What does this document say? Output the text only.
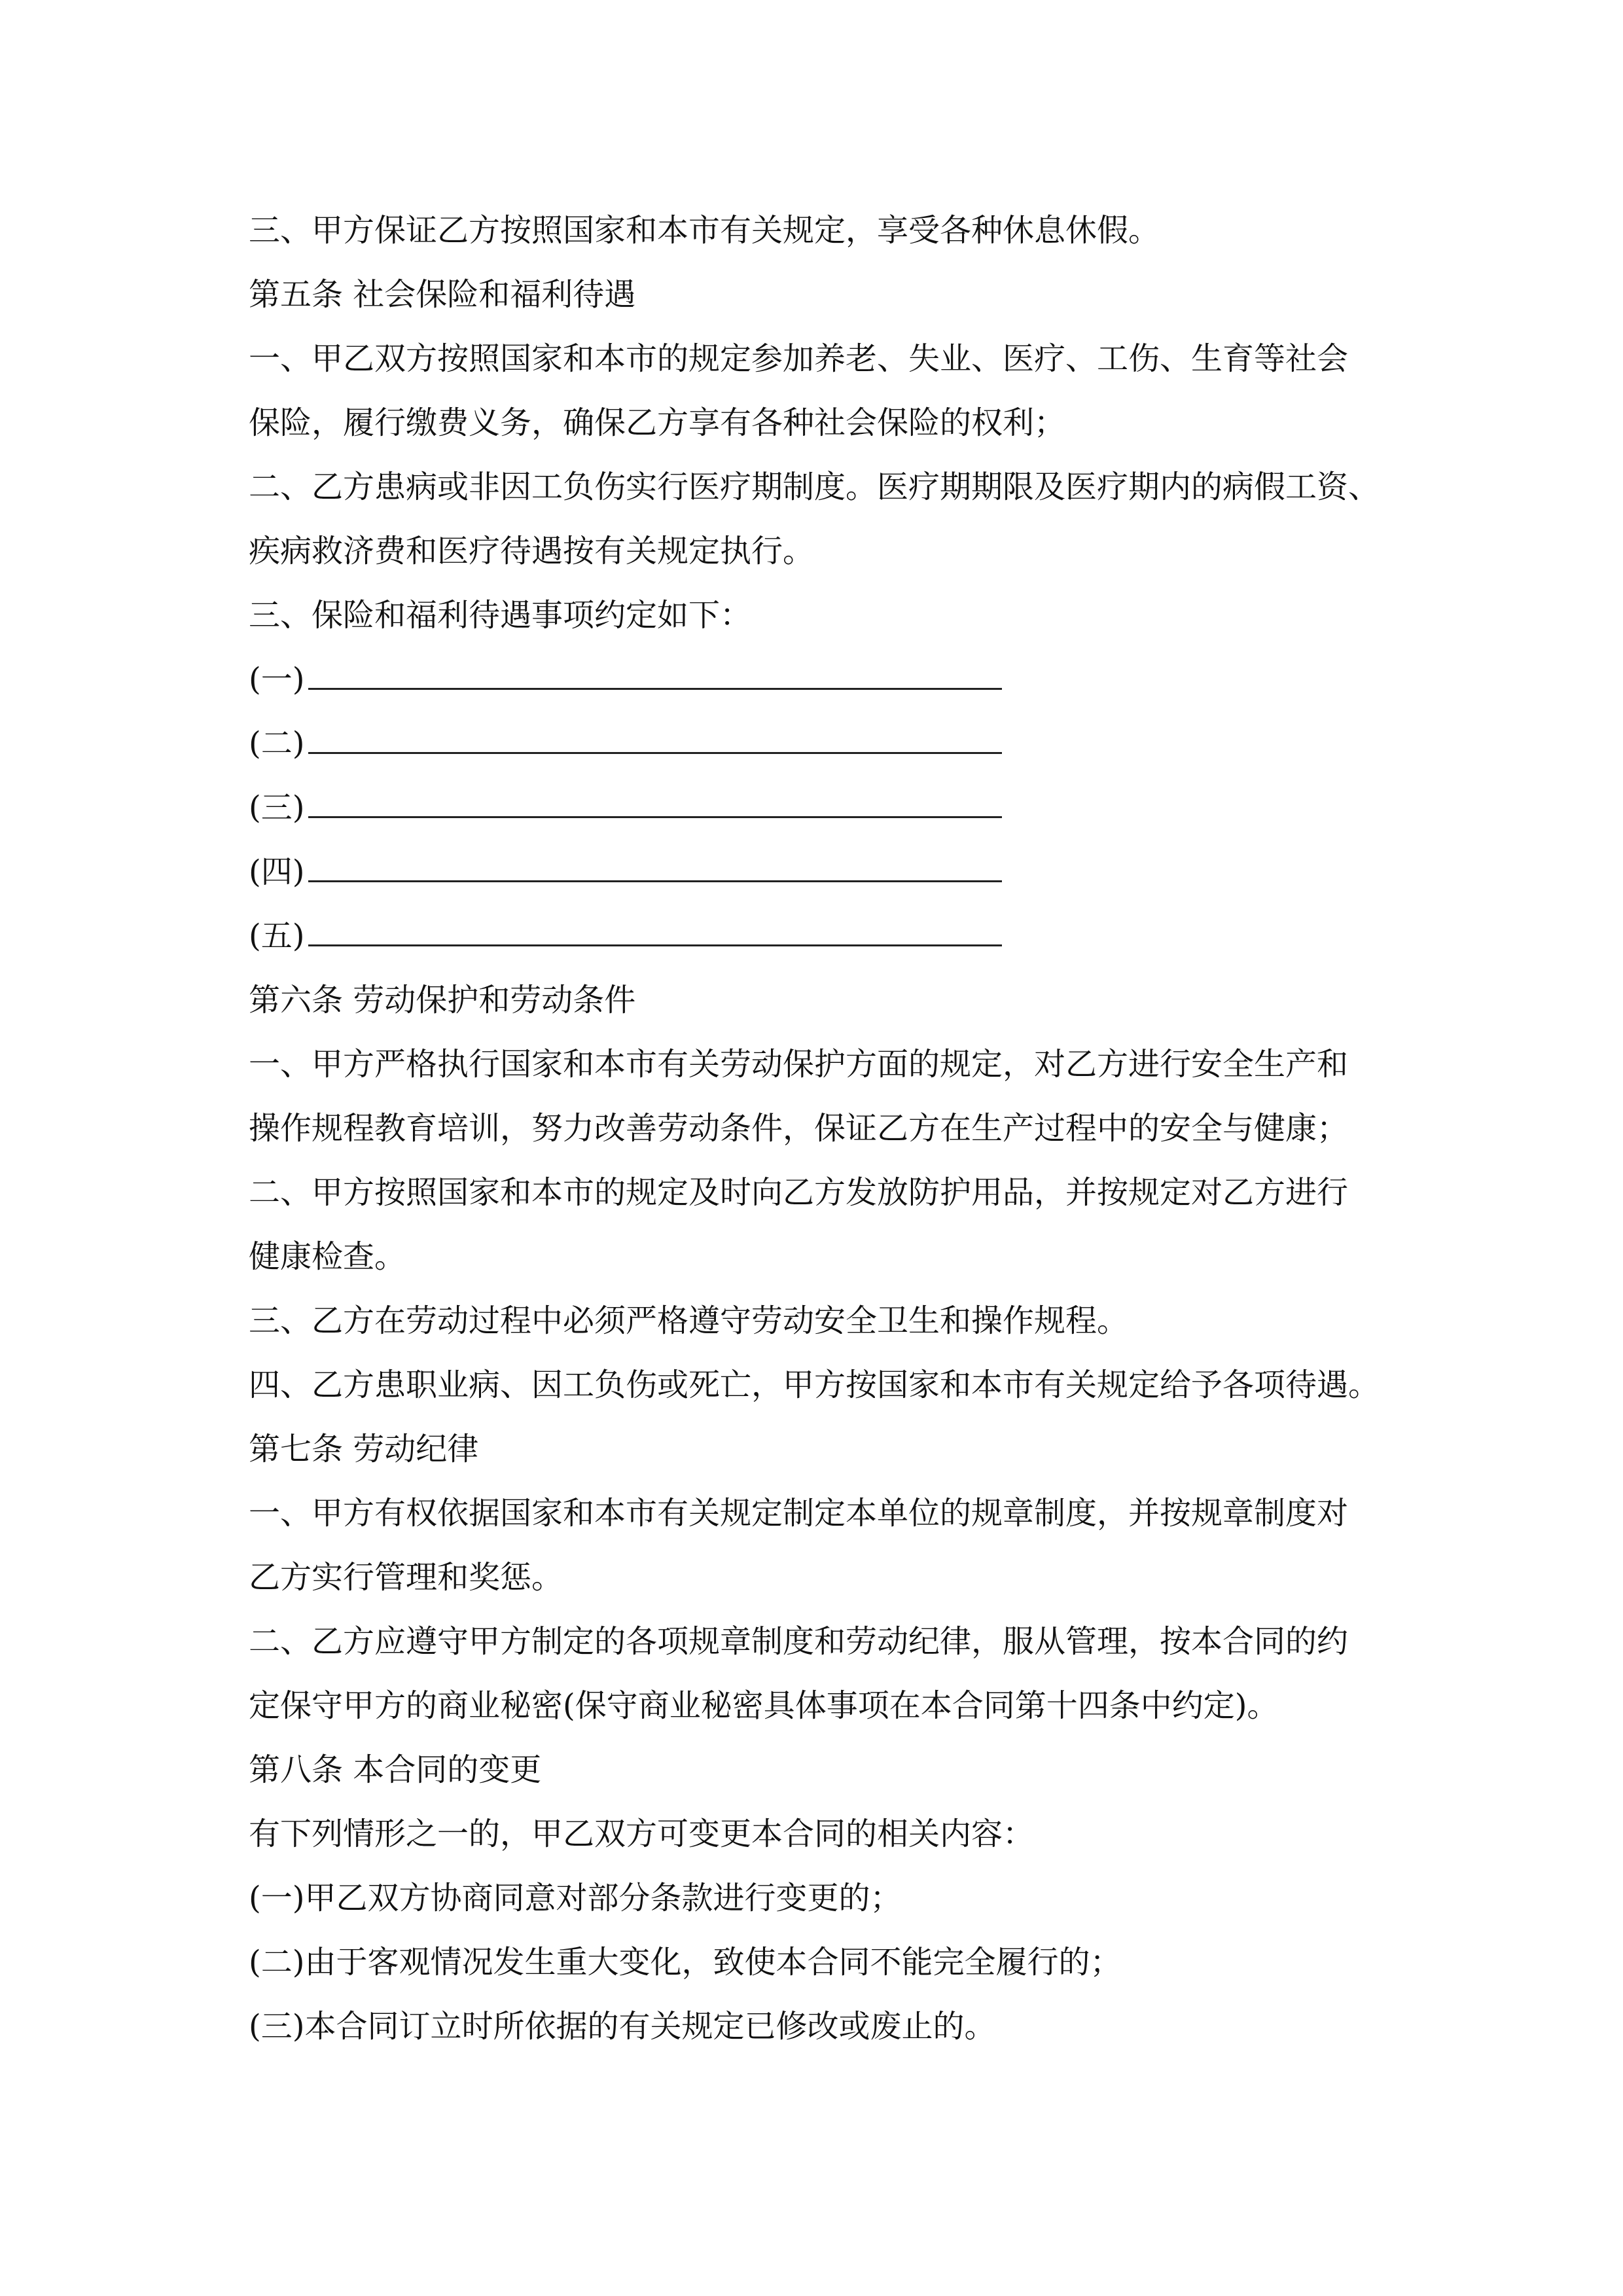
三、甲方保证乙方按照国家和本市有关规定，享受各种休息休假。
第五条 社会保险和福利待遇
一、甲乙双方按照国家和本市的规定参加养老、失业、医疗、工伤、生育等社会
保险，履行缴费义务，确保乙方享有各种社会保险的权利；
二、乙方患病或非因工负伤实行医疗期制度。医疗期期限及医疗期内的病假工资、
疾病救济费和医疗待遇按有关规定执行。
三、保险和福利待遇事项约定如下：
(一)
(二)
(三)
(四)
(五)
第六条 劳动保护和劳动条件
一、甲方严格执行国家和本市有关劳动保护方面的规定，对乙方进行安全生产和
操作规程教育培训，努力改善劳动条件，保证乙方在生产过程中的安全与健康；
二、甲方按照国家和本市的规定及时向乙方发放防护用品，并按规定对乙方进行
健康检查。
三、乙方在劳动过程中必须严格遵守劳动安全卫生和操作规程。
四、乙方患职业病、因工负伤或死亡，甲方按国家和本市有关规定给予各项待遇。
第七条 劳动纪律
一、甲方有权依据国家和本市有关规定制定本单位的规章制度，并按规章制度对
乙方实行管理和奖惩。
二、乙方应遵守甲方制定的各项规章制度和劳动纪律，服从管理，按本合同的约
定保守甲方的商业秘密(保守商业秘密具体事项在本合同第十四条中约定)。
第八条 本合同的变更
有下列情形之一的，甲乙双方可变更本合同的相关内容：
(一)甲乙双方协商同意对部分条款进行变更的；
(二)由于客观情况发生重大变化，致使本合同不能完全履行的；
(三)本合同订立时所依据的有关规定已修改或废止的。
